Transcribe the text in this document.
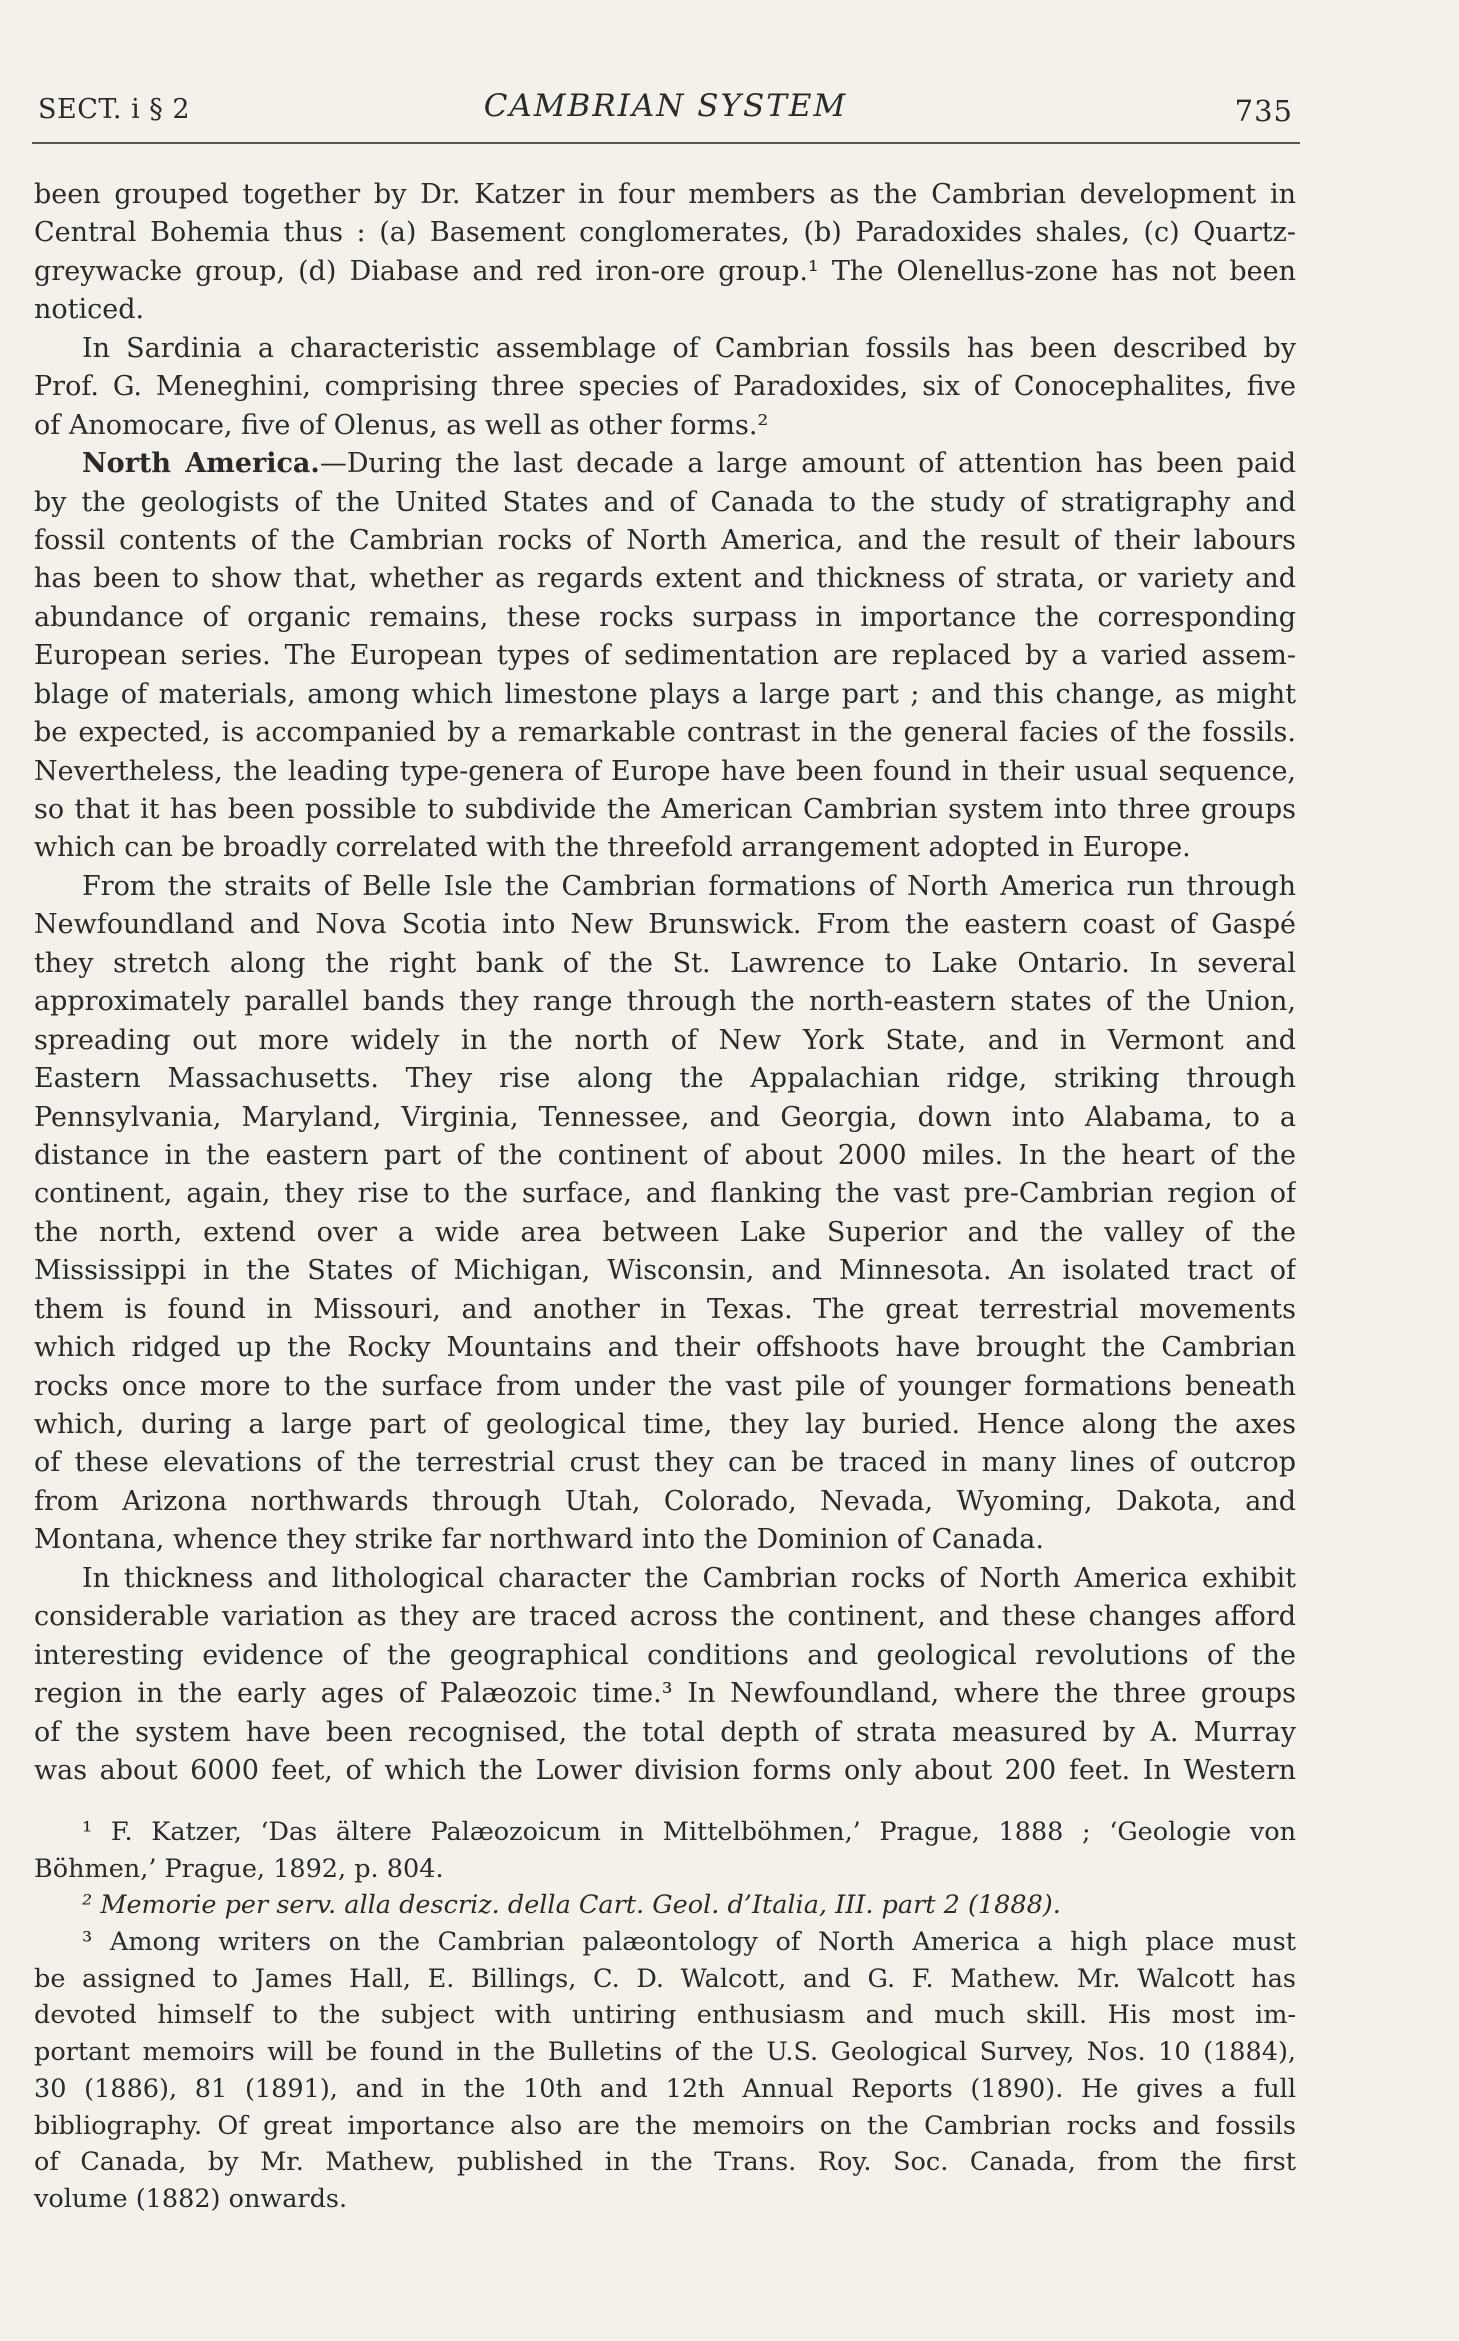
SECT. i § 2	CAMBRIAN SYSTEM	735
been grouped together by Dr. Katzer in four members as the Cambrian development in
Central Bohemia thus : (a) Basement conglomerates, (b) Paradoxides shales, (c) Quartz-
greywacke group, (d) Diabase and red iron-ore group.¹ The Olenellus-zone has not been
noticed.
In Sardinia a characteristic assemblage of Cambrian fossils has been described by
Prof. G. Meneghini, comprising three species of Paradoxides, six of Conocephalites, five
of Anomocare, five of Olenus, as well as other forms.²
North America.—During the last decade a large amount of attention has been paid
by the geologists of the United States and of Canada to the study of stratigraphy and
fossil contents of the Cambrian rocks of North America, and the result of their labours
has been to show that, whether as regards extent and thickness of strata, or variety and
abundance of organic remains, these rocks surpass in importance the corresponding
European series. The European types of sedimentation are replaced by a varied assem-
blage of materials, among which limestone plays a large part ; and this change, as might
be expected, is accompanied by a remarkable contrast in the general facies of the fossils.
Nevertheless, the leading type-genera of Europe have been found in their usual sequence,
so that it has been possible to subdivide the American Cambrian system into three groups
which can be broadly correlated with the threefold arrangement adopted in Europe.
From the straits of Belle Isle the Cambrian formations of North America run through
Newfoundland and Nova Scotia into New Brunswick. From the eastern coast of Gaspé
they stretch along the right bank of the St. Lawrence to Lake Ontario. In several
approximately parallel bands they range through the north-eastern states of the Union,
spreading out more widely in the north of New York State, and in Vermont and
Eastern Massachusetts. They rise along the Appalachian ridge, striking through
Pennsylvania, Maryland, Virginia, Tennessee, and Georgia, down into Alabama, to a
distance in the eastern part of the continent of about 2000 miles. In the heart of the
continent, again, they rise to the surface, and flanking the vast pre-Cambrian region of
the north, extend over a wide area between Lake Superior and the valley of the
Mississippi in the States of Michigan, Wisconsin, and Minnesota. An isolated tract of
them is found in Missouri, and another in Texas. The great terrestrial movements
which ridged up the Rocky Mountains and their offshoots have brought the Cambrian
rocks once more to the surface from under the vast pile of younger formations beneath
which, during a large part of geological time, they lay buried. Hence along the axes
of these elevations of the terrestrial crust they can be traced in many lines of outcrop
from Arizona northwards through Utah, Colorado, Nevada, Wyoming, Dakota, and
Montana, whence they strike far northward into the Dominion of Canada.
In thickness and lithological character the Cambrian rocks of North America exhibit
considerable variation as they are traced across the continent, and these changes afford
interesting evidence of the geographical conditions and geological revolutions of the
region in the early ages of Palæozoic time.³ In Newfoundland, where the three groups
of the system have been recognised, the total depth of strata measured by A. Murray
was about 6000 feet, of which the Lower division forms only about 200 feet. In Western
¹ F. Katzer, ‘Das ältere Palæozoicum in Mittelböhmen,’ Prague, 1888 ; ‘Geologie von
Böhmen,’ Prague, 1892, p. 804.
² Memorie per serv. alla descriz. della Cart. Geol. d’Italia, III. part 2 (1888).
³ Among writers on the Cambrian palæontology of North America a high place must
be assigned to James Hall, E. Billings, C. D. Walcott, and G. F. Mathew. Mr. Walcott has
devoted himself to the subject with untiring enthusiasm and much skill. His most im-
portant memoirs will be found in the Bulletins of the U.S. Geological Survey, Nos. 10 (1884),
30 (1886), 81 (1891), and in the 10th and 12th Annual Reports (1890). He gives a full
bibliography. Of great importance also are the memoirs on the Cambrian rocks and fossils
of Canada, by Mr. Mathew, published in the Trans. Roy. Soc. Canada, from the first
volume (1882) onwards.
